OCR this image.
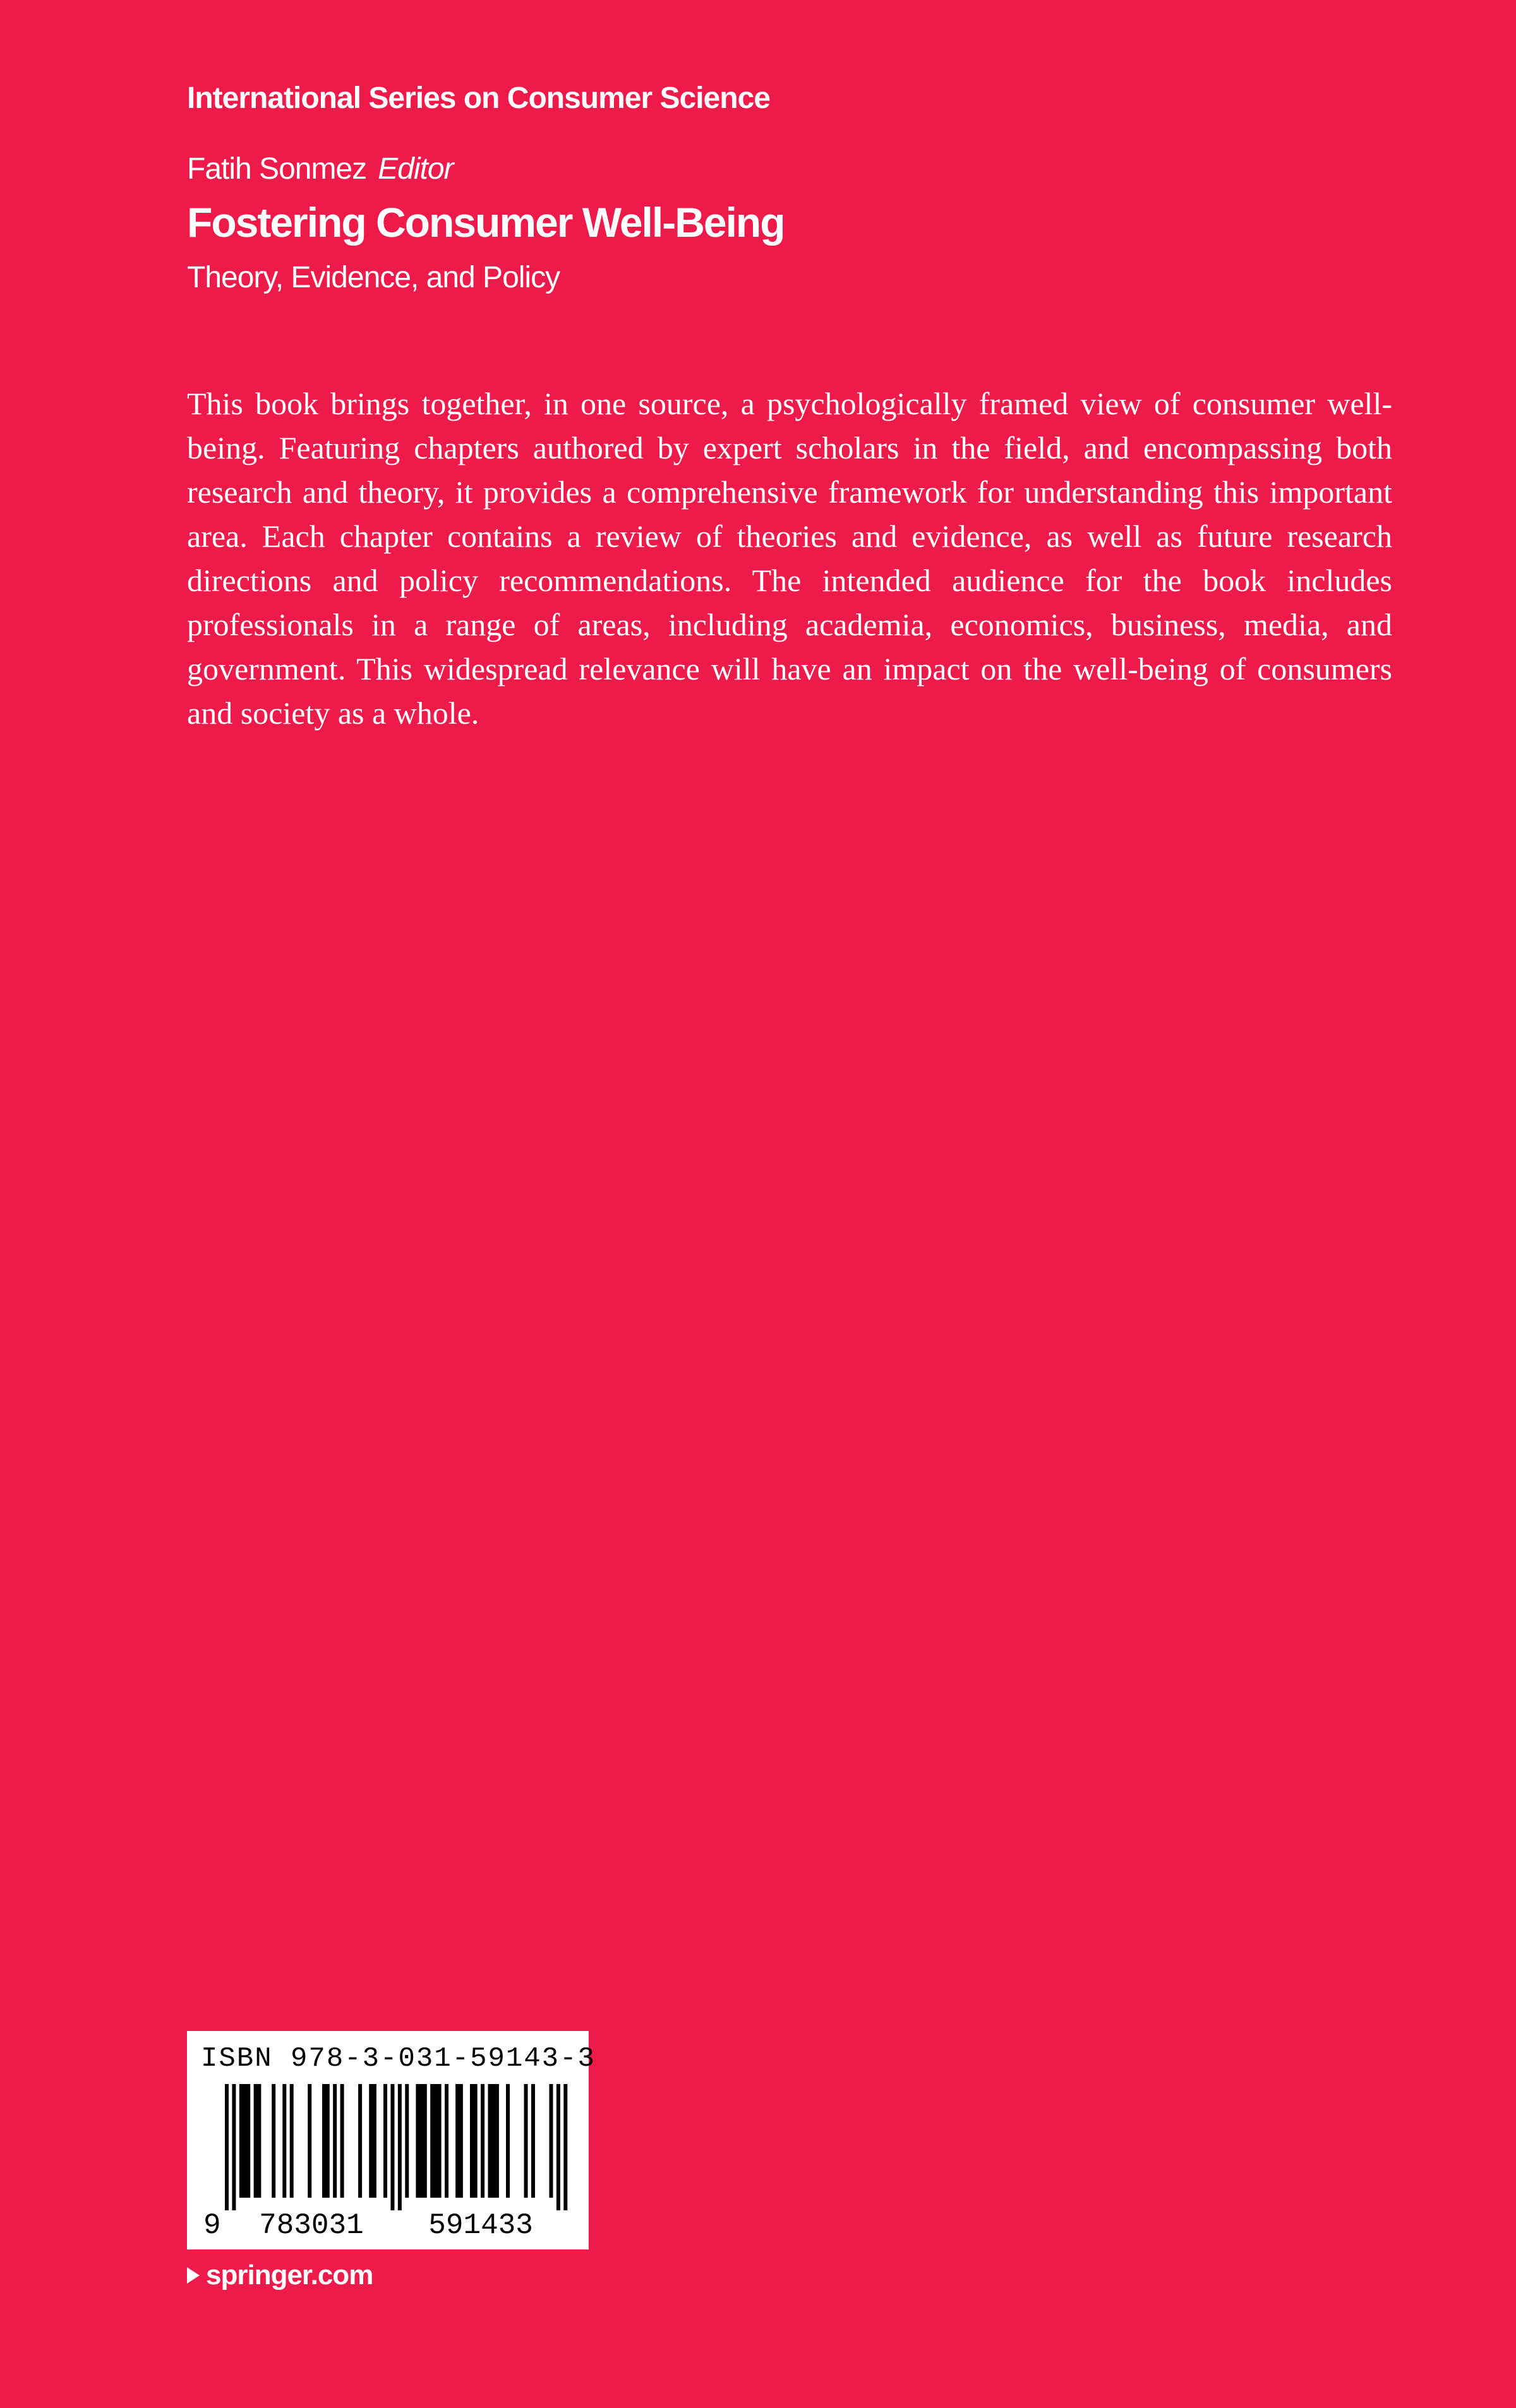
International Series on Consumer Science
Fatih Sonmez Editor
Fostering Consumer Well-Being
Theory, Evidence, and Policy

This book brings together, in one source, a psychologically framed view of consumer well-being. Featuring chapters authored by expert scholars in the field, and encompassing both research and theory, it provides a comprehensive framework for understanding this important area. Each chapter contains a review of theories and evidence, as well as future research directions and policy recommendations. The intended audience for the book includes professionals in a range of areas, including academia, economics, business, media, and government. This widespread relevance will have an impact on the well-being of consumers and society as a whole.

ISBN 978-3-031-59143-3
9 783031 591433
springer.com
